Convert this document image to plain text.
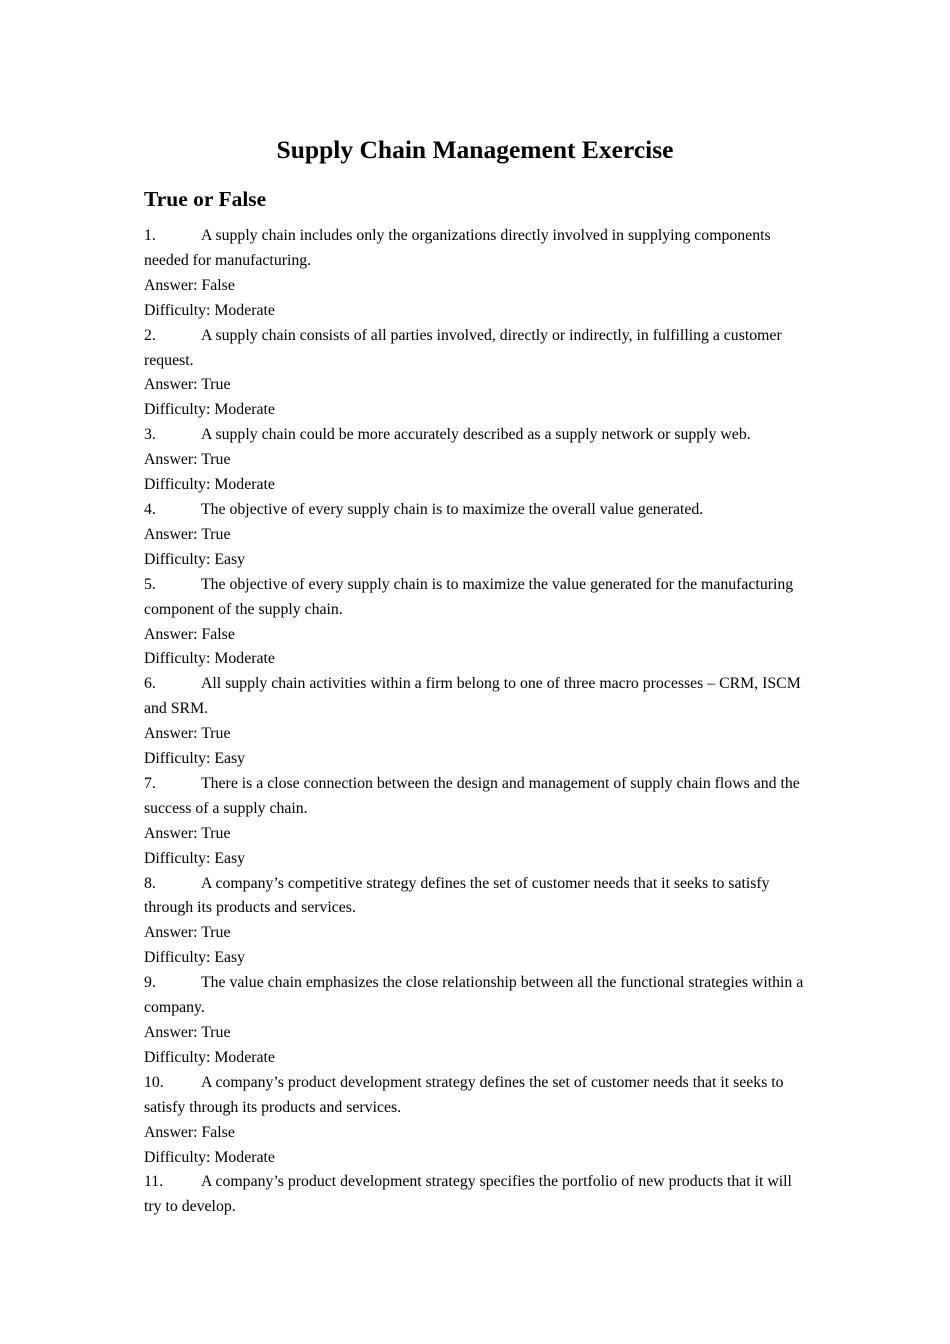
Supply Chain Management Exercise
True or False

1.	A supply chain includes only the organizations directly involved in supplying components needed for manufacturing.

Answer: False

Difficulty: Moderate

2.	A supply chain consists of all parties involved, directly or indirectly, in fulfilling a customer request.

Answer: True

Difficulty: Moderate

3.	A supply chain could be more accurately described as a supply network or supply web.

Answer: True

Difficulty: Moderate

4.	The objective of every supply chain is to maximize the overall value generated.

Answer: True

Difficulty: Easy

5.	The objective of every supply chain is to maximize the value generated for the manufacturing component of the supply chain.

Answer: False

Difficulty: Moderate

6.	All supply chain activities within a firm belong to one of three macro processes – CRM, ISCM and SRM.

Answer: True

Difficulty: Easy

7.	There is a close connection between the design and management of supply chain flows and the success of a supply chain.

Answer: True

Difficulty: Easy

8.	A company’s competitive strategy defines the set of customer needs that it seeks to satisfy through its products and services.

Answer: True

Difficulty: Easy

9.	The value chain emphasizes the close relationship between all the functional strategies within a company.

Answer: True

Difficulty: Moderate

10. A company’s product development strategy defines the set of customer needs that it seeks to satisfy through its products and services.

Answer: False

Difficulty: Moderate

11. A company’s product development strategy specifies the portfolio of new products that it will try to develop.
